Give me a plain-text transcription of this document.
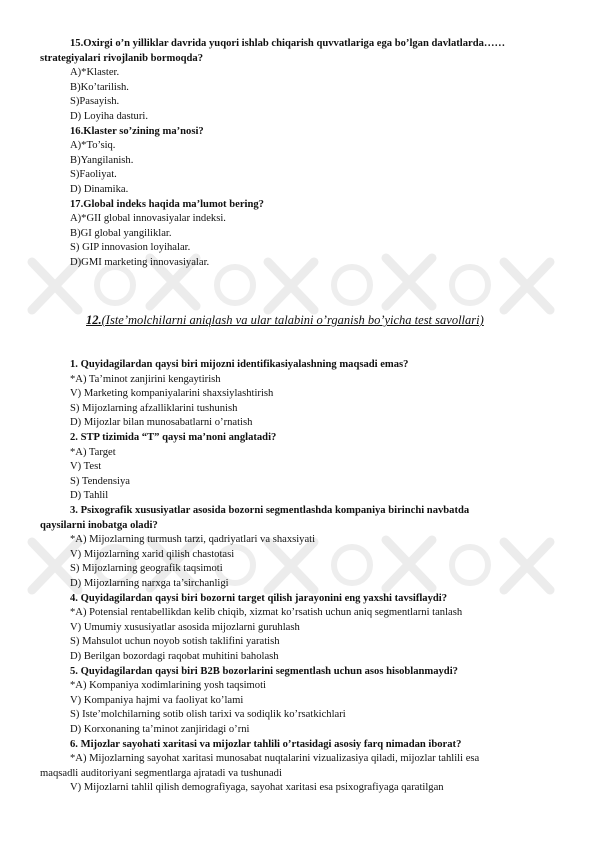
15.Oxirgi o’n yilliklar davrida yuqori ishlab chiqarish quvvatlariga ega bo’lgan davlatlarda……
strategiyalari rivojlanib bormoqda?
A)*Klaster.
B)Ko’tarilish.
S)Pasayish.
D) Loyiha dasturi.
16.Klaster so’zining ma’nosi?
A)*To’siq.
B)Yangilanish.
S)Faoliyat.
D) Dinamika.
17.Global indeks haqida ma’lumot bering?
A)*GII global innovasiyalar indeksi.
B)GI global yangiliklar.
S) GIP innovasion loyihalar.
D)GMI marketing innovasiyalar.
12.(Iste’molchilarni aniqlash va ular talabini o’rganish bo’yicha test savollari)
1. Quyidagilardan qaysi biri mijozni identifikasiyalashning maqsadi emas?
*A) Ta’minot zanjirini kengaytirish
V) Marketing kompaniyalarini shaxsiylashtirish
S) Mijozlarning afzalliklarini tushunish
D) Mijozlar bilan munosabatlarni o’rnatish
2. STP tizimida “T” qaysi ma’noni anglatadi?
*A) Target
V) Test
S) Tendensiya
D) Tahlil
3. Psixografik xususiyatlar asosida bozorni segmentlashda kompaniya birinchi navbatda
qaysilarni inobatga oladi?
*A) Mijozlarning turmush tarzi, qadriyatlari va shaxsiyati
V) Mijozlarning xarid qilish chastotasi
S) Mijozlarning geografik taqsimoti
D) Mijozlarning narxga ta’sirchanligi
4. Quyidagilardan qaysi biri bozorni target qilish jarayonini eng yaxshi tavsiflaydi?
*A) Potensial rentabellikdan kelib chiqib, xizmat ko’rsatish uchun aniq segmentlarni tanlash
V) Umumiy xususiyatlar asosida mijozlarni guruhlash
S) Mahsulot uchun noyob sotish taklifini yaratish
D) Berilgan bozordagi raqobat muhitini baholash
5. Quyidagilardan qaysi biri B2B bozorlarini segmentlash uchun asos hisoblanmaydi?
*A) Kompaniya xodimlarining yosh taqsimoti
V) Kompaniya hajmi va faoliyat ko’lami
S) Iste’molchilarning sotib olish tarixi va sodiqlik ko’rsatkichlari
D) Korxonaning ta’minot zanjiridagi o’rni
6. Mijozlar sayohati xaritasi va mijozlar tahlili o’rtasidagi asosiy farq nimadan iborat?
*A) Mijozlarning sayohat xaritasi munosabat nuqtalarini vizualizasiya qiladi, mijozlar tahlili esa
maqsadli auditoriyani segmentlarga ajratadi va tushunadi
V) Mijozlarni tahlil qilish demografiyaga, sayohat xaritasi esa psixografiyaga qaratilgan
